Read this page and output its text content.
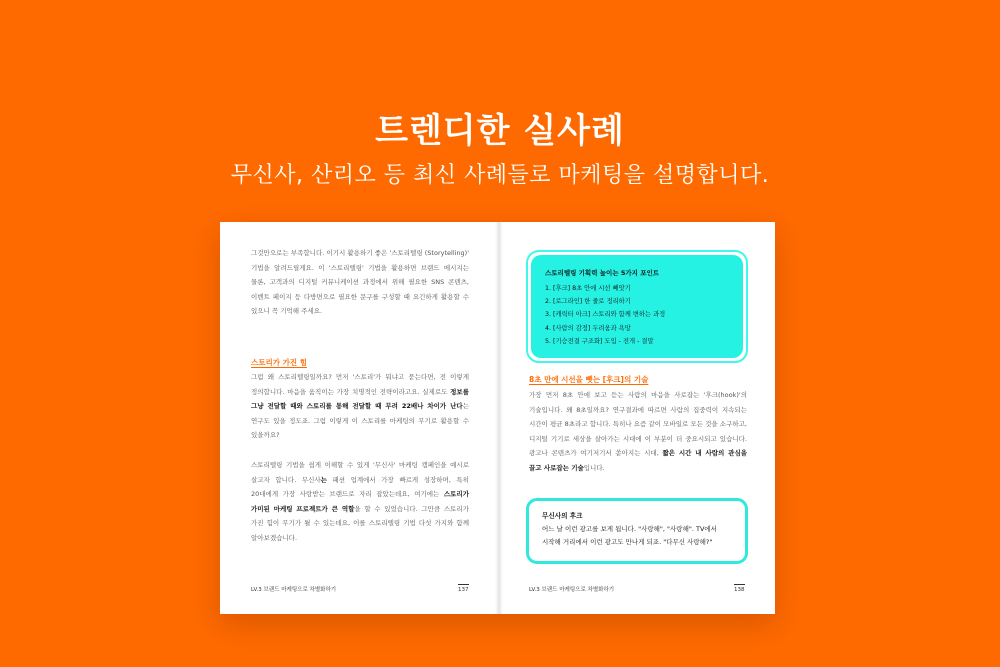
트렌디한 실사례
무신사, 산리오 등 최신 사례들로 마케팅을 설명합니다.
그것만으로는 부족합니다. 이기시 활용하기 좋은 '스토리텔링 (Storytelling)' 기법을 알려드릴게요. 이 '스토리텔링' 기법을 활용하면 브랜드 메시지는 물론, 고객과의 디지털 커뮤니케이션 과정에서 위해 필요한 SNS 콘텐츠, 이벤트 페이지 등 다방면으로 필요한 문구를 구성할 때 요긴하게 활용할 수 있으니 꼭 기억해 주세요.
스토리가 가진 힘
그럼 왜 스토리텔링일까요? 먼저 '스토리'가 뭐냐고 묻는다면, 전 이렇게 정의합니다. 마음을 움직이는 가장 치명적인 전략이라고요. 실제로도 정보를 그냥 전달할 때와 스토리를 통해 전달할 때 무려 22배나 차이가 난다는 연구도 있을 정도죠. 그럼 이렇게 이 스토리를 마케팅의 무기로 활용할 수 있을까요?
스토리텔링 기법을 쉽게 이해할 수 있게 '무신사' 마케팅 캠페인을 예시로 살고자 합니다. 무신사는 패션 업계에서 가장 빠르게 성장하며, 특히 20대에게 가장 사랑받는 브랜드로 자리 잡았는데요, 여기에는 스토리가 가미된 마케팅 프로젝트가 큰 역할을 할 수 있었습니다. 그만큼 스토리가 가진 힘이 무기가 될 수 있는데요, 이를 스토리텔링 기법 다섯 가지와 함께 알아보겠습니다.
LV.3 브랜드 마케팅으로 차별화하기	137
스토리텔링 기획력 높이는 5가지 포인트
1. [후크] 8초 안에 시선 빼앗기
2. [로그라인] 한 줄로 정리하기
3. [캐릭터 아크] 스토리와 함께 변하는 과정
4. [사람의 감정] 두려움과 욕망
5. [기승전결 구조화] 도입 - 전개 - 결말
8초 만에 시선을 뺏는 [후크]의 기술
가장 먼저 8초 안에 보고 듣는 사람의 마음을 사로잡는 '후크(hook)'의 기술입니다. 왜 8초일까요? 연구결과에 따르면 사람의 집중력이 지속되는 시간이 평균 8초라고 합니다. 특히나 요즘 같이 모바일로 모든 것을 소구하고, 디지털 기기로 세상을 살아가는 시대에 이 부분이 더 중요시되고 있습니다. 광고나 콘텐츠가 여기저기서 쏟아지는 시대, 짧은 시간 내 사람의 관심을 끌고 사로잡는 기술입니다.
무신사의 후크
어느 날 이런 광고를 보게 됩니다. "사랑해", "사랑해". TV에서
시작해 거리에서 이런 광고도 만나게 되죠. "다무신 사랑해?"
LV.3 브랜드 마케팅으로 차별화하기	138
